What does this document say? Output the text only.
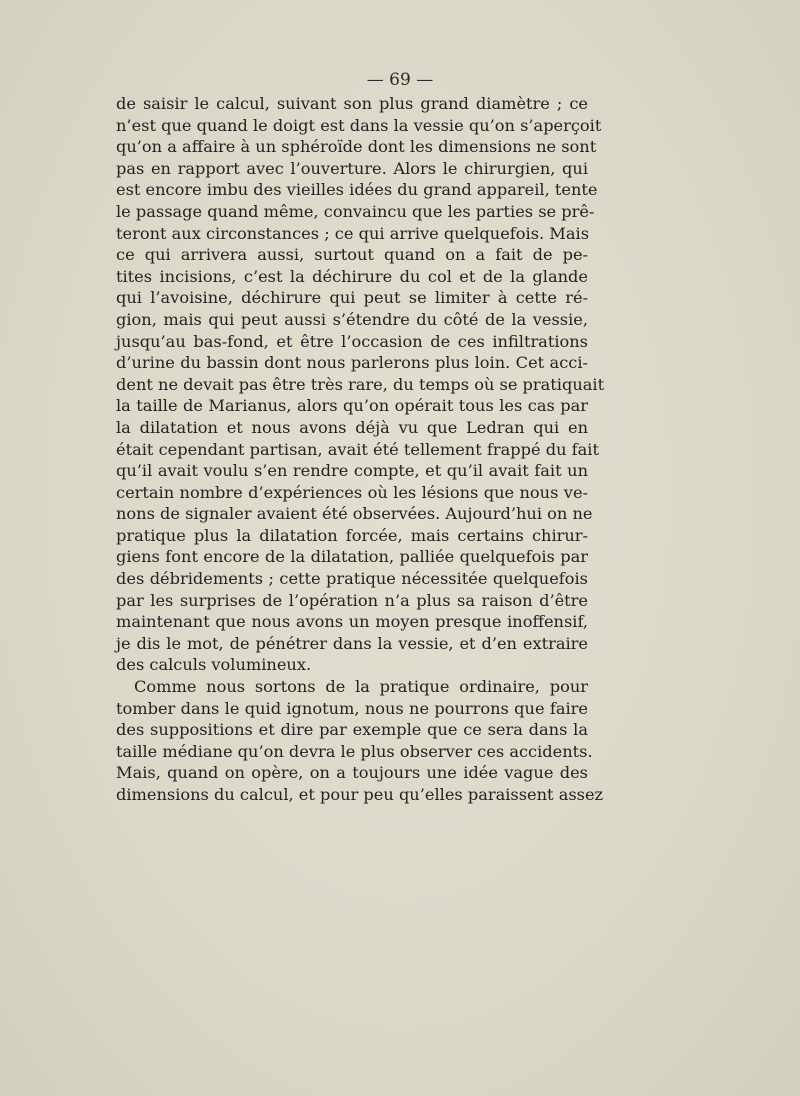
— 69 —

de saisir le calcul, suivant son plus grand diamètre ; ce
n’est que quand le doigt est dans la vessie qu’on s’aperçoit
qu’on a affaire à un sphéroïde dont les dimensions ne sont
pas en rapport avec l’ouverture. Alors le chirurgien, qui
est encore imbu des vieilles idées du grand appareil, tente
le passage quand même, convaincu que les parties se prê-
teront aux circonstances ; ce qui arrive quelquefois. Mais
ce qui arrivera aussi, surtout quand on a fait de pe-
tites incisions, c’est la déchirure du col et de la glande
qui l’avoisine, déchirure qui peut se limiter à cette ré-
gion, mais qui peut aussi s’étendre du côté de la vessie,
jusqu’au bas-fond, et être l’occasion de ces infiltrations
d’urine du bassin dont nous parlerons plus loin. Cet acci-
dent ne devait pas être très rare, du temps où se pratiquait
la taille de Marianus, alors qu’on opérait tous les cas par
la dilatation et nous avons déjà vu que Ledran qui en
était cependant partisan, avait été tellement frappé du fait
qu’il avait voulu s’en rendre compte, et qu’il avait fait un
certain nombre d’expériences où les lésions que nous ve-
nons de signaler avaient été observées. Aujourd’hui on ne
pratique plus la dilatation forcée, mais certains chirur-
giens font encore de la dilatation, palliée quelquefois par
des débridements ; cette pratique nécessitée quelquefois
par les surprises de l’opération n’a plus sa raison d’être
maintenant que nous avons un moyen presque inoffensif,
je dis le mot, de pénétrer dans la vessie, et d’en extraire
des calculs volumineux.
Comme nous sortons de la pratique ordinaire, pour
tomber dans le quid ignotum, nous ne pourrons que faire
des suppositions et dire par exemple que ce sera dans la
taille médiane qu’on devra le plus observer ces accidents.
Mais, quand on opère, on a toujours une idée vague des
dimensions du calcul, et pour peu qu’elles paraissent assez
